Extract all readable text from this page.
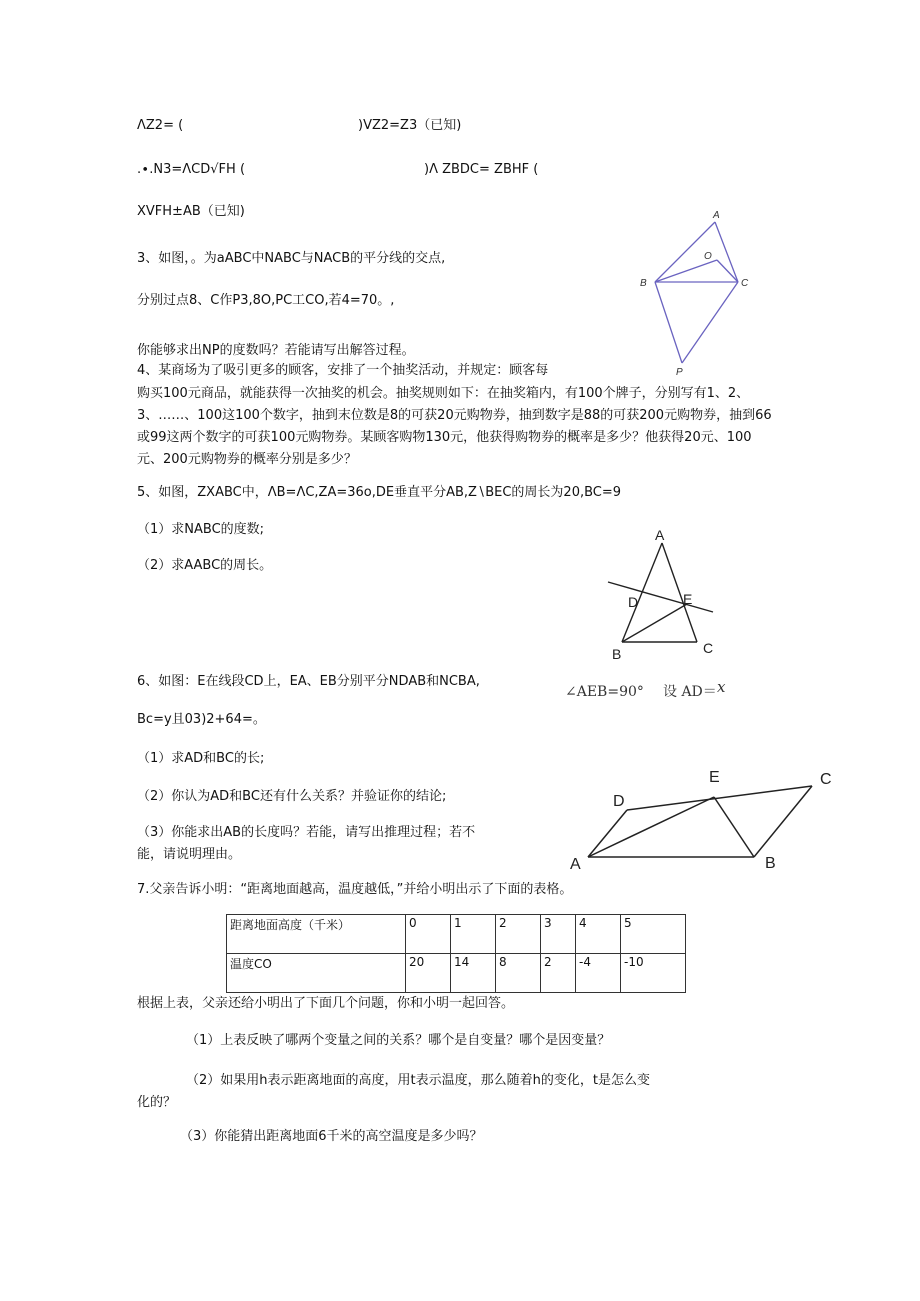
ΛZ2= (	)VZ2=Z3（已知)
.∙.N3=ΛCD√FH (	)Λ ZBDC= ZBHF (
XVFH±AB（已知)
3、如图，。为aABC中NABC与NACB的平分线的交点,
分别过点8、C作P3,8O,PC工CO,若4=70。,
你能够求出NP的度数吗？若能请写出解答过程。
A
O
B	C
P
4、某商场为了吸引更多的顾客，安排了一个抽奖活动，并规定：顾客每
购买100元商品，就能获得一次抽奖的机会。抽奖规则如下：在抽奖箱内，有100个牌子，分别写有1、2、3、……、100这100个数字，抽到末位数是8的可获20元购物券，抽到数字是88的可获200元购物券，抽到66或99这两个数字的可获100元购物券。某顾客购物130元，他获得购物券的概率是多少？他获得20元、100元、200元购物券的概率分别是多少？
5、如图，ZXABC中，ΛB=ΛC,ZA=36o,DE垂直平分AB,Z∖BEC的周长为20,BC=9
（1）求NABC的度数;
（2）求AABC的周长。
A
D	E
B	C
6、如图：E在线段CD上，EA、EB分别平分NDAB和NCBA,
∠AEB=90° 设 AD＝ x
Bc=y且03)2+64=。
（1）求AD和BC的长;
（2）你认为AD和BC还有什么关系？并验证你的结论;
（3）你能求出AB的长度吗？若能，请写出推理过程；若不
能，请说明理由。
E	C
D
A	B
7.父亲告诉小明：“距离地面越高，温度越低，”并给小明出示了下面的表格。
距离地面高度（千米）	0	1	2	3	4	5
温度CO	20	14	8	2	-4	-10
根据上表，父亲还给小明出了下面几个问题，你和小明一起回答。
（1）上表反映了哪两个变量之间的关系？哪个是自变量？哪个是因变量？
（2）如果用h表示距离地面的高度，用t表示温度，那么随着h的变化，t是怎么变
化的？
（3）你能猜出距离地面6千米的高空温度是多少吗？
